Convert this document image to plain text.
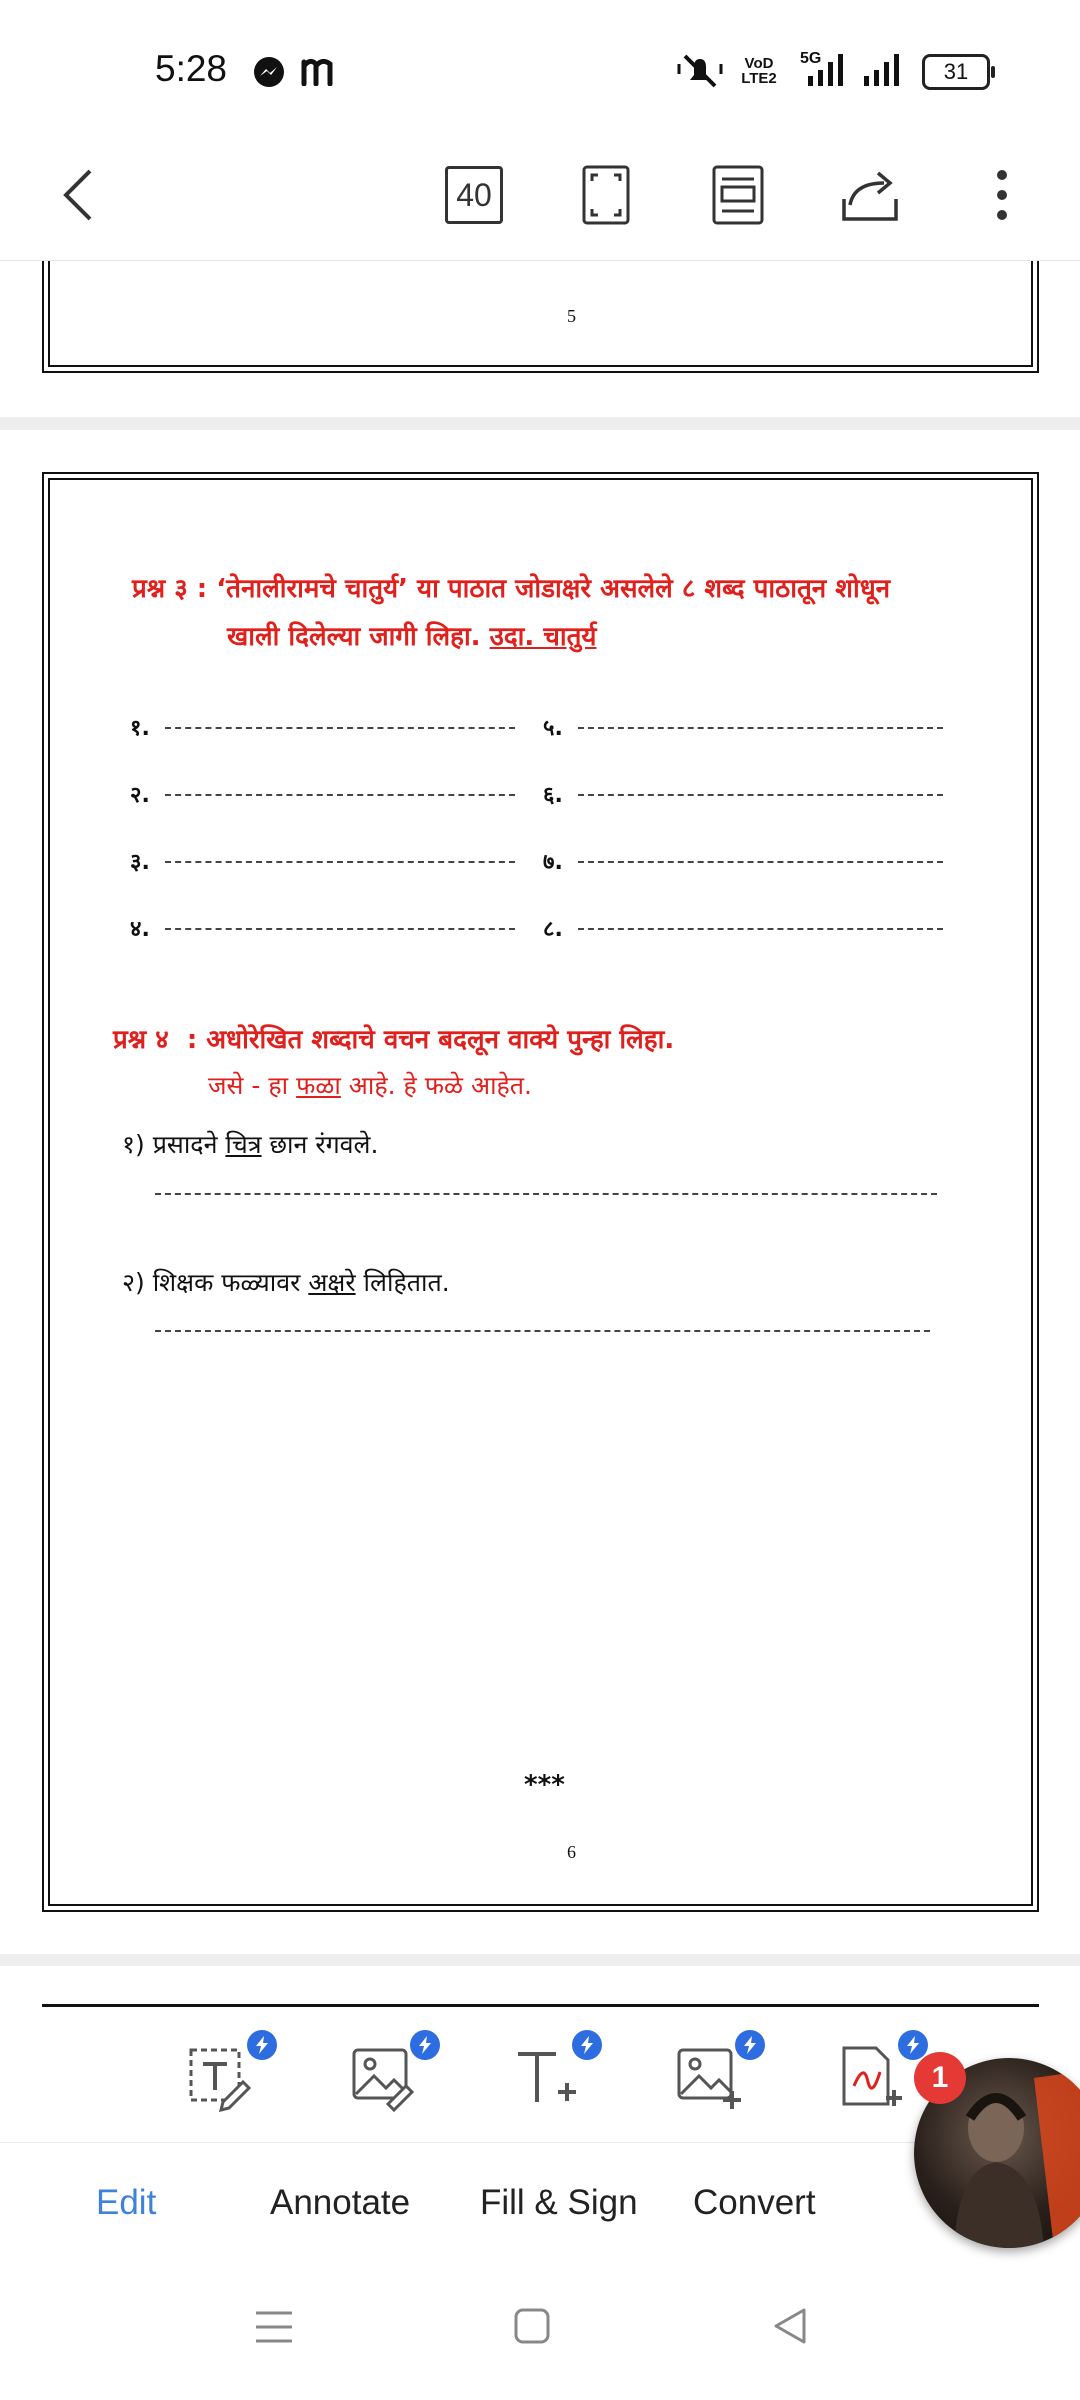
5:28	VoD LTE2
5G
31
40
5
प्रश्न ३ : ‘तेनालीरामचे चातुर्य’ या पाठात जोडाक्षरे असलेले ८ शब्द पाठातून शोधून
खाली दिलेल्या जागी लिहा. उदा. चातुर्य
१.	५.
२.	६.
३.	७.
४.	८.
प्रश्न ४ : अधोरेखित शब्दाचे वचन बदलून वाक्ये पुन्हा लिहा.
जसे - हा फळा आहे. हे फळे आहेत.
१) प्रसादने चित्र छान रंगवले.
२) शिक्षक फळ्यावर अक्षरे लिहितात.
***
6
Edit	Annotate Fill & Sign Convert
1
